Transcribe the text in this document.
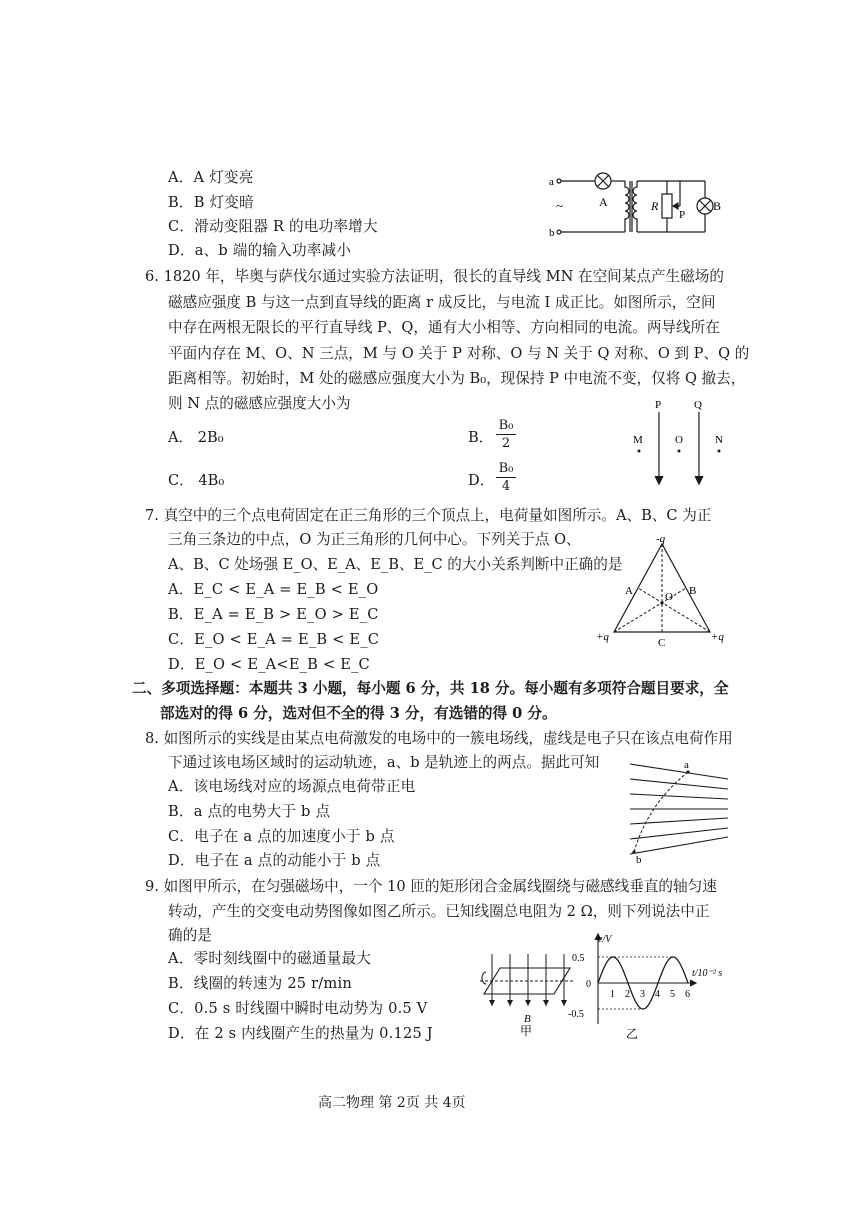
A．A 灯变亮
B．B 灯变暗
C．滑动变阻器 R 的电功率增大
D．a、b 端的输入功率减小
a
b
A	B
R
P
~
6. 1820 年，毕奥与萨伐尔通过实验方法证明，很长的直导线 MN 在空间某点产生磁场的
磁感应强度 B 与这一点到直导线的距离 r 成反比，与电流 I 成正比。如图所示，空间
中存在两根无限长的平行直导线 P、Q，通有大小相等、方向相同的电流。两导线所在
平面内存在 M、O、N 三点，M 与 O 关于 P 对称、O 与 N 关于 Q 对称、O 到 P、Q 的
距离相等。初始时，M 处的磁感应强度大小为 B₀，现保持 P 中电流不变，仅将 Q 撤去，
则 N 点的磁感应强度大小为
A． 2B₀	B．
B₀
2
C． 4B₀	D．
B₀
4
P	Q
M	O	N
7. 真空中的三个点电荷固定在正三角形的三个顶点上，电荷量如图所示。A、B、C 为正
三角三条边的中点，O 为正三角形的几何中心。下列关于点 O、
A、B、C 处场强 E_O、E_A、E_B、E_C 的大小关系判断中正确的是
A．E_C < E_A = E_B < E_O
B．E_A = E_B > E_O > E_C
C．E_O < E_A = E_B < E_C
D．E_O < E_A<E_B < E_C
-q
+q	+q
A	B
C
O
二、多项选择题：本题共 3 小题，每小题 6 分，共 18 分。每小题有多项符合题目要求，全
部选对的得 6 分，选对但不全的得 3 分，有选错的得 0 分。
8. 如图所示的实线是由某点电荷激发的电场中的一簇电场线，虚线是电子只在该点电荷作用
下通过该电场区域时的运动轨迹，a、b 是轨迹上的两点。据此可知
A．该电场线对应的场源点电荷带正电
B．a 点的电势大于 b 点
C．电子在 a 点的加速度小于 b 点
D．电子在 a 点的动能小于 b 点
a
b
9. 如图甲所示，在匀强磁场中，一个 10 匝的矩形闭合金属线圈绕与磁感线垂直的轴匀速
转动，产生的交变电动势图像如图乙所示。已知线圈总电阻为 2 Ω，则下列说法中正
确的是
A．零时刻线圈中的磁通量最大
B．线圈的转速为 25 r/min
C．0.5 s 时线圈中瞬时电动势为 0.5 V
D．在 2 s 内线圈产生的热量为 0.125 J
B
甲
1 2 3 4 5 6
e/V
t/10⁻² s
0.5
0
-0.5
乙
高二物理 第 2页 共 4页
